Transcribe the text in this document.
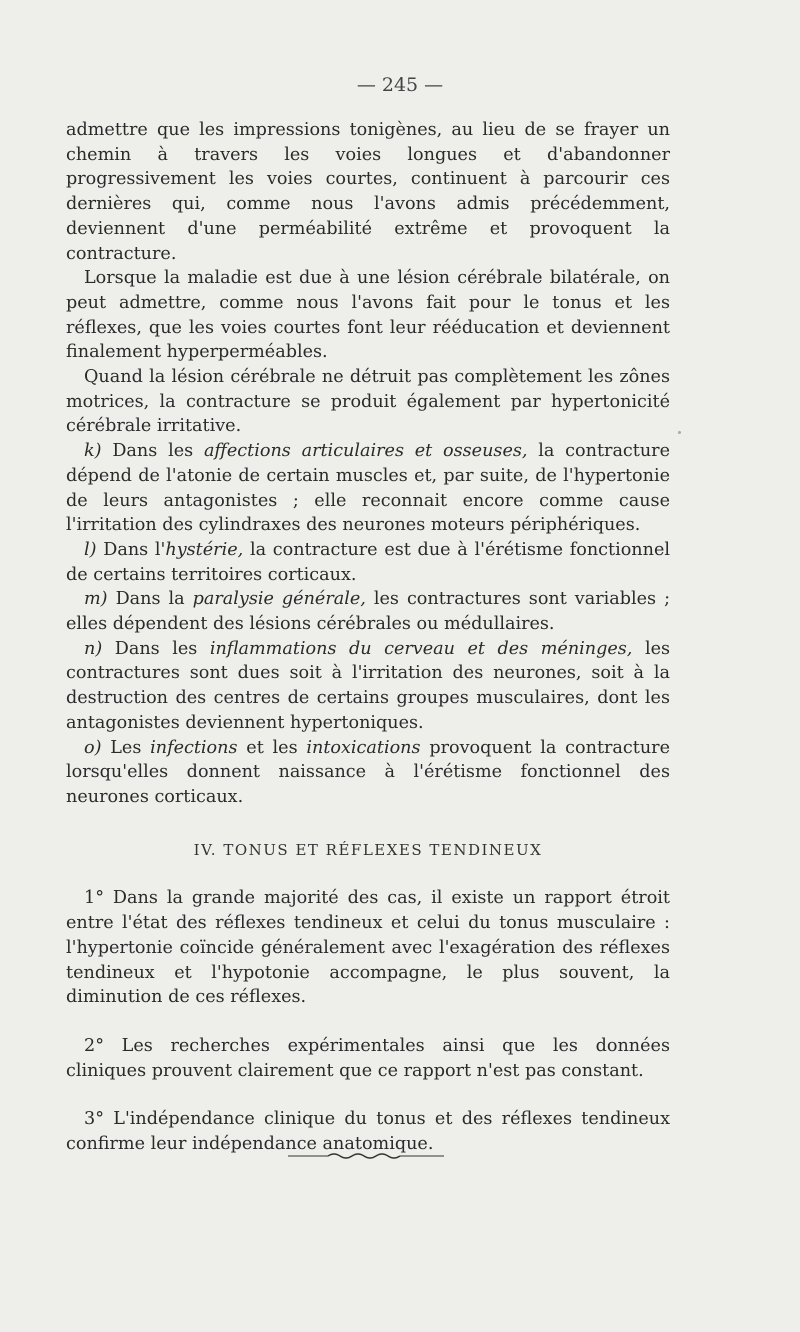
— 245 —

admettre que les impressions tonigènes, au lieu de se frayer un chemin à travers les voies longues et d'abandonner progressivement les voies courtes, continuent à parcourir ces dernières qui, comme nous l'avons admis précédemment, deviennent d'une perméabilité extrême et provoquent la contracture.

Lorsque la maladie est due à une lésion cérébrale bilatérale, on peut admettre, comme nous l'avons fait pour le tonus et les réflexes, que les voies courtes font leur rééducation et deviennent finalement hyperperméables.

Quand la lésion cérébrale ne détruit pas complètement les zônes motrices, la contracture se produit également par hypertonicité cérébrale irritative.

k) Dans les affections articulaires et osseuses, la contracture dépend de l'atonie de certain muscles et, par suite, de l'hypertonie de leurs antagonistes ; elle reconnait encore comme cause l'irritation des cylindraxes des neurones moteurs périphériques.

l) Dans l'hystérie, la contracture est due à l'érétisme fonctionnel de certains territoires corticaux.

m) Dans la paralysie générale, les contractures sont variables ; elles dépendent des lésions cérébrales ou médullaires.

n) Dans les inflammations du cerveau et des méninges, les contractures sont dues soit à l'irritation des neurones, soit à la destruction des centres de certains groupes musculaires, dont les antagonistes deviennent hypertoniques.

o) Les infections et les intoxications provoquent la contracture lorsqu'elles donnent naissance à l'érétisme fonctionnel des neurones corticaux.

IV. TONUS ET RÉFLEXES TENDINEUX

1° Dans la grande majorité des cas, il existe un rapport étroit entre l'état des réflexes tendineux et celui du tonus musculaire : l'hypertonie coïncide généralement avec l'exagération des réflexes tendineux et l'hypotonie accompagne, le plus souvent, la diminution de ces réflexes.

2° Les recherches expérimentales ainsi que les données cliniques prouvent clairement que ce rapport n'est pas constant.

3° L'indépendance clinique du tonus et des réflexes tendineux confirme leur indépendance anatomique.
